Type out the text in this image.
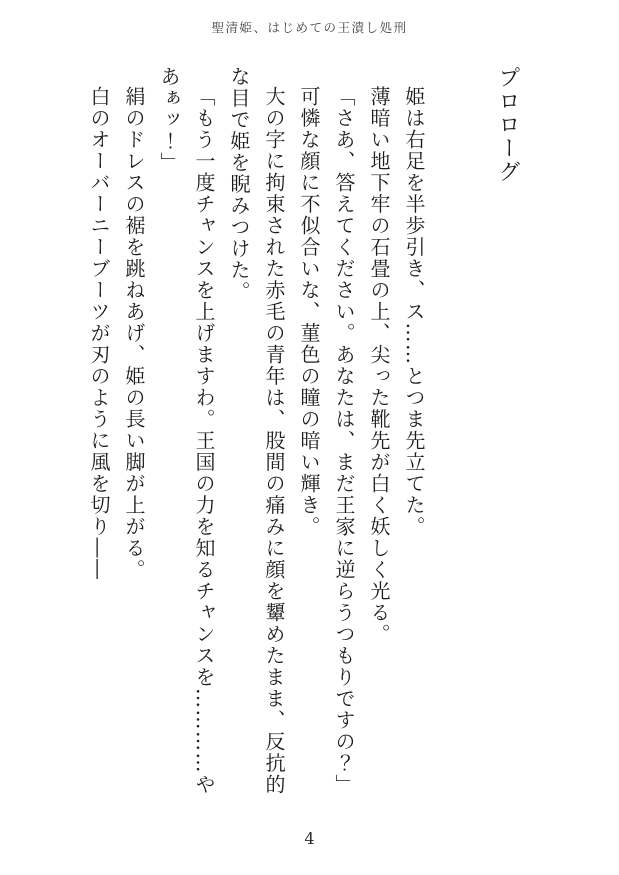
聖清姫、はじめての王潰し処刑
プロローグ

姫は右足を半歩引き、ス……とつま先立てた。

薄暗い地下牢の石畳の上、尖った靴先が白く妖しく光る。

「さあ、答えてください。あなたは、まだ王家に逆らうつもりですの？」

可憐な顔に不似合いな、菫色の瞳の暗い輝き。

大の字に拘束された赤毛の青年は、股間の痛みに顔を顰めたまま、反抗的な目で姫を睨みつけた。

「もう一度チャンスを上げますわ。王国の力を知るチャンスを…………やあぁッ！」

絹のドレスの裾を跳ねあげ、姫の長い脚が上がる。

白のオーバーニーブーツが刃のように風を切り――

4
